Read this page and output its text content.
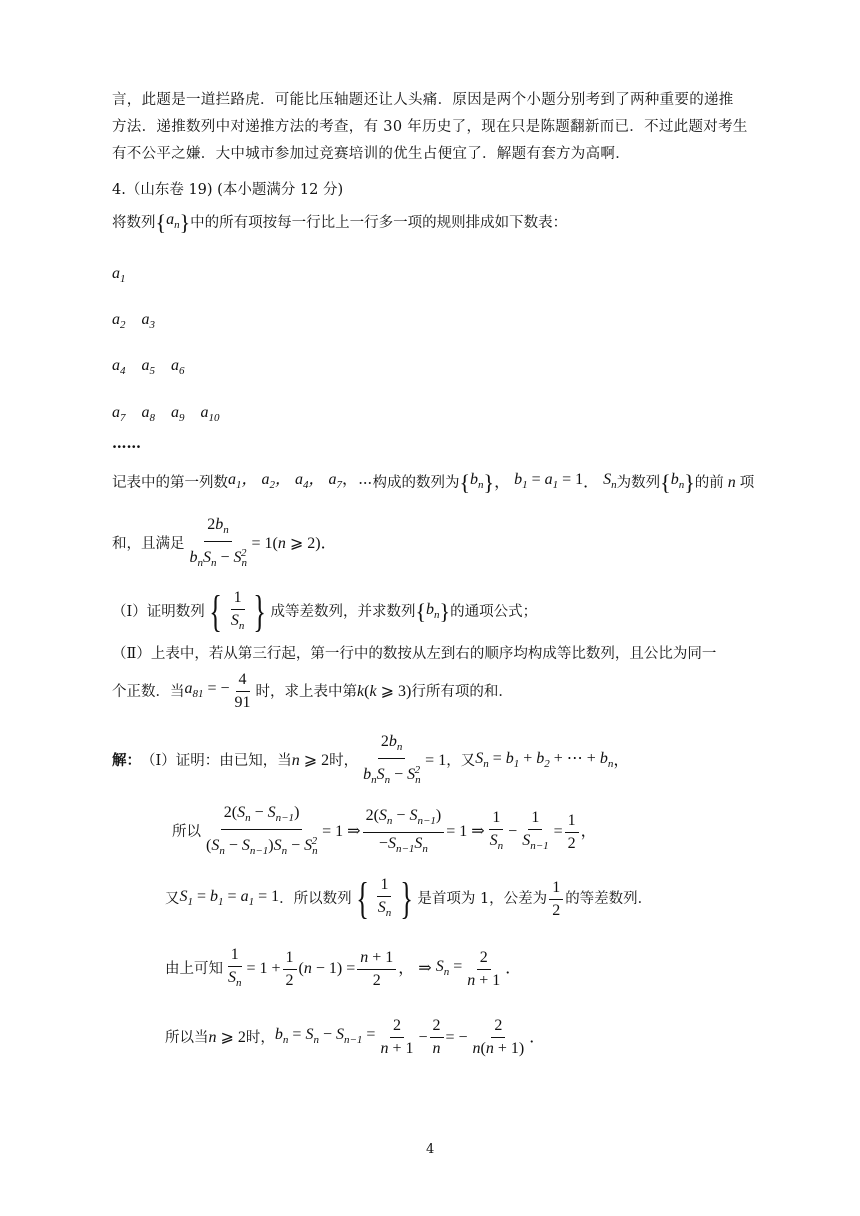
言，此题是一道拦路虎．可能比压轴题还让人头痛．原因是两个小题分别考到了两种重要的递推
方法．递推数列中对递推方法的考查，有 30 年历史了，现在只是陈题翻新而已．不过此题对考生
有不公平之嫌．大中城市参加过竞赛培训的优生占便宜了．解题有套方为高啊．
4.（山东卷 19) (本小题满分 12 分)
将数列 { $a_n$ } 中的所有项按每一行比上一行多一项的规则排成如下数表：
$a_1$
$a_2$    $a_3$
$a_4$    $a_5$    $a_6$
$a_7$    $a_8$    $a_9$    $a_{10}$
……
记表中的第一列数 $a_1$， $a_2$， $a_4$， $a_7$，⋯ 构成的数列为 { $b_n$ } ， $b_1 = a_1 = 1$ ． $S_n$ 为数列 { $b_n$ } 的前 n 项
和，且满足 $\frac{2b_n}{b_nS_n - S_n^2} = 1(n$ ⩾ 2) ．
（Ⅰ）证明数列 { $\frac{1}{S_n}$ } 成等差数列，并求数列 { $b_n$ } 的通项公式；
（Ⅱ）上表中，若从第三行起，第一行中的数按从左到右的顺序均构成等比数列，且公比为同一
个正数．当 $a_{81}$ = − $\frac{4}{91}$ 时，求上表中第 k(k ⩾ 3) 行所有项的和．
解： （Ⅰ）证明：由已知，当 n ⩾ 2 时， $\frac{2b_n}{b_nS_n - S_n^2} = 1$ ，又 $S_n = b_1 + b_2$ + ⋯ + $b_n$ ，
所以 $\frac{2(S_n - S_{n-1})}{(S_n - S_{n-1})S_n - S_n^2} = 1$ ⇒ $\frac{2(S_n - S_{n-1})}{-S_{n-1}S_n} = 1$ ⇒ $\frac{1}{S_n} - \frac{1}{S_{n-1}} = \frac{1}{2}$ ，
又 $S_1 = b_1 = a_1 = 1$ ．所以数列 { $\frac{1}{S_n}$ } 是首项为 1，公差为 $\frac{1}{2}$ 的等差数列．
由上可知 $\frac{1}{S_n} = 1 + \frac{1}{2} (n - 1) = \frac{n + 1}{2}$ ， ⇒ $S_n = \frac{2}{n + 1}$ ．
所以当 n ⩾ 2 时， $b_n = S_n - S_{n-1} = \frac{2}{n + 1} - \frac{2}{n}$ = − $\frac{2}{n(n + 1)}$ ．
4
